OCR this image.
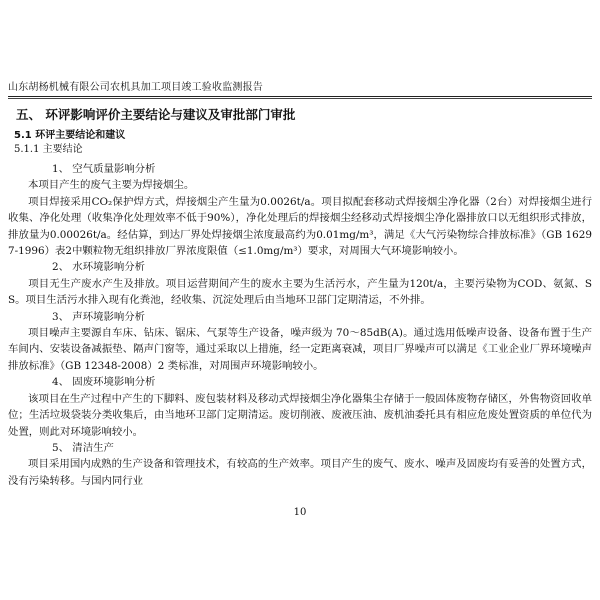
山东胡杨机械有限公司农机具加工项目竣工验收监测报告
五、 环评影响评价主要结论与建议及审批部门审批
5.1 环评主要结论和建议
5.1.1 主要结论
1、 空气质量影响分析

本项目产生的废气主要为焊接烟尘。

项目焊接采用CO₂保护焊方式，焊接烟尘产生量为0.0026t/a。项目拟配套移动式焊接烟尘净化器（2台）对焊接烟尘进行收集、净化处理（收集净化处理效率不低于90%），净化处理后的焊接烟尘经移动式焊接烟尘净化器排放口以无组织形式排放，排放量为0.00026t/a。经估算，到达厂界处焊接烟尘浓度最高约为0.01mg/m³，满足《大气污染物综合排放标准》（GB 16297-1996）表2中颗粒物无组织排放厂界浓度限值（≤1.0mg/m³）要求，对周围大气环境影响较小。

2、 水环境影响分析

项目无生产废水产生及排放。项目运营期间产生的废水主要为生活污水，产生量为120t/a，主要污染物为COD、氨氮、SS。项目生活污水排入现有化粪池，经收集、沉淀处理后由当地环卫部门定期清运，不外排。

3、 声环境影响分析

项目噪声主要源自车床、钻床、锯床、气泵等生产设备，噪声级为 70～85dB(A)。通过选用低噪声设备、设备布置于生产车间内、安装设备减振垫、隔声门窗等，通过采取以上措施，经一定距离衰减，项目厂界噪声可以满足《工业企业厂界环境噪声排放标准》（GB 12348-2008）2 类标准，对周围声环境影响较小。

4、 固废环境影响分析

该项目在生产过程中产生的下脚料、废包装材料及移动式焊接烟尘净化器集尘存储于一般固体废物存储区，外售物资回收单位；生活垃圾袋装分类收集后，由当地环卫部门定期清运。废切削液、废液压油、废机油委托具有相应危废处置资质的单位代为处置，则此对环境影响较小。

5、 清洁生产

项目采用国内成熟的生产设备和管理技术，有较高的生产效率。项目产生的废气、废水、噪声及固废均有妥善的处置方式，没有污染转移。与国内同行业

10
